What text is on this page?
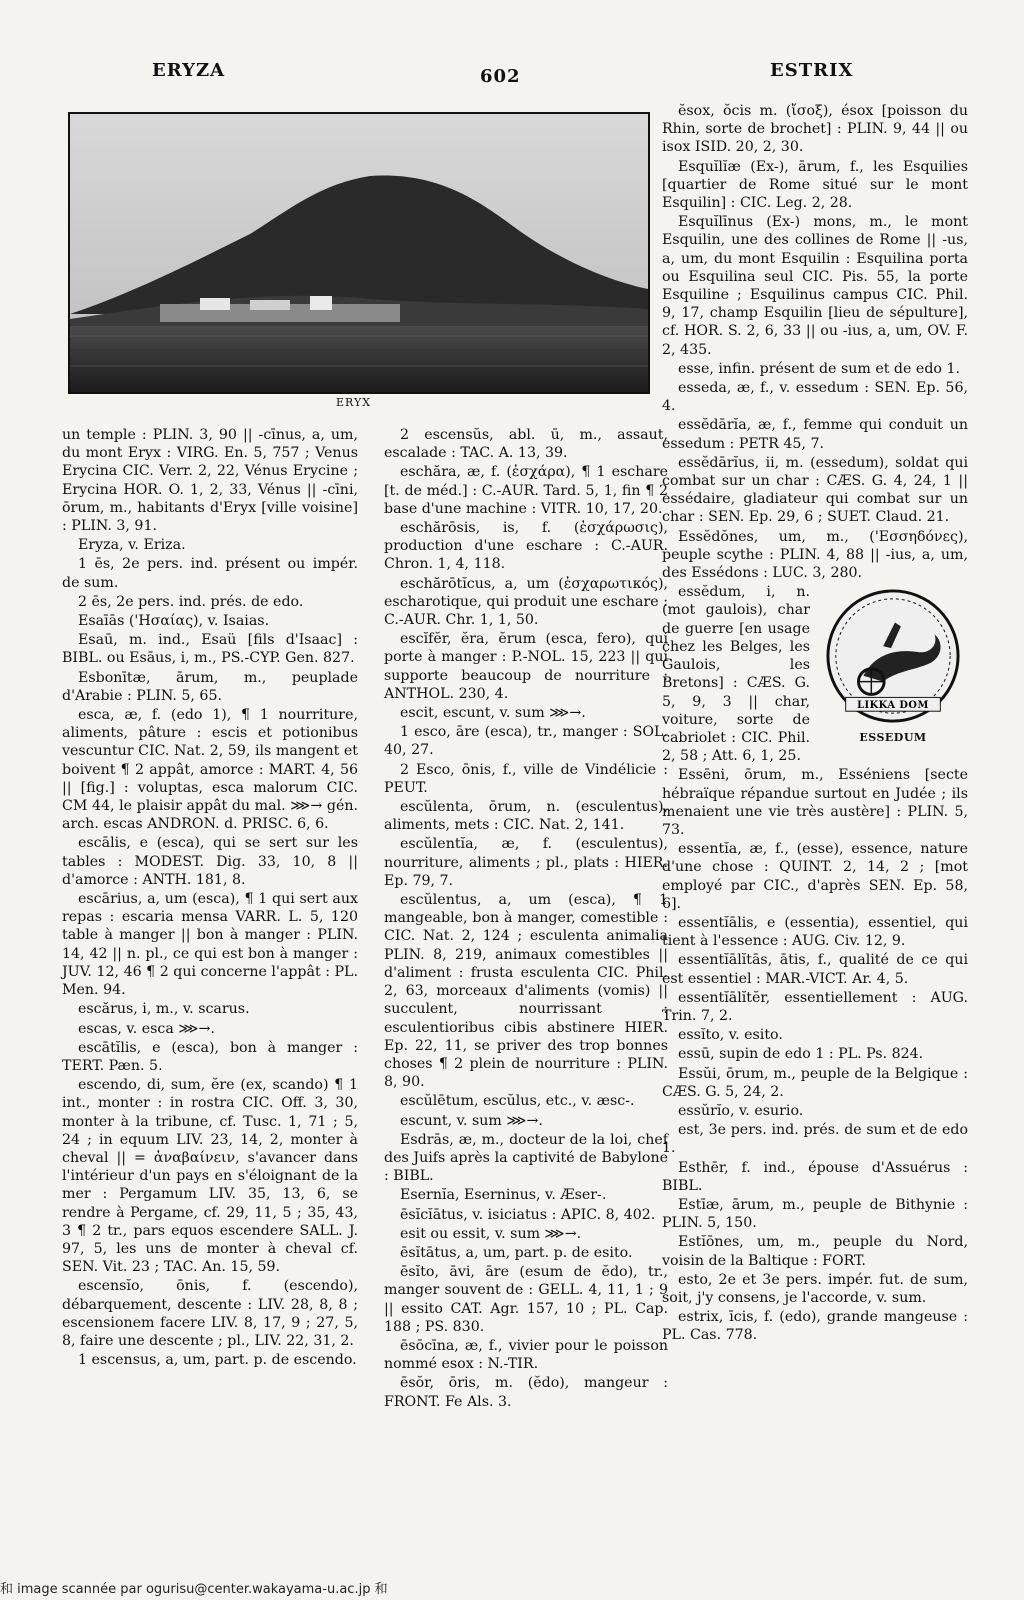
ERYZA	602	ESTRIX
ERYX

un temple : PLIN. 3, 90 || -cīnus, a, um, du mont Eryx : VIRG. En. 5, 757 ; Venus Erycina CIC. Verr. 2, 22, Vénus Erycine ; Erycina HOR. O. 1, 2, 33, Vénus || -cīni, ōrum, m., habitants d'Eryx [ville voisine] : PLIN. 3, 91.

Eryza, v. Eriza.

1 ēs, 2e pers. ind. présent ou impér. de sum.

2 ēs, 2e pers. ind. prés. de edo.

Esaīās ('Ησαίας), v. Isaias.

Esaū, m. ind., Esaü [fils d'Isaac] : BIBL. ou Esāus, i, m., PS.-CYP. Gen. 827.

Esbonītæ, ārum, m., peuplade d'Arabie : PLIN. 5, 65.

esca, æ, f. (edo 1), ¶ 1 nourriture, aliments, pâture : escis et potionibus vescuntur CIC. Nat. 2, 59, ils mangent et boivent ¶ 2 appât, amorce : MART. 4, 56 || [fig.] : voluptas, esca malorum CIC. CM 44, le plaisir appât du mal. ⋙→ gén. arch. escas ANDRON. d. PRISC. 6, 6.

escālis, e (esca), qui se sert sur les tables : MODEST. Dig. 33, 10, 8 || d'amorce : ANTH. 181, 8.

escārius, a, um (esca), ¶ 1 qui sert aux repas : escaria mensa VARR. L. 5, 120 table à manger || bon à manger : PLIN. 14, 42 || n. pl., ce qui est bon à manger : JUV. 12, 46 ¶ 2 qui concerne l'appât : PL. Men. 94.

escărus, i, m., v. scarus.

escas, v. esca ⋙→.

escātĭlis, e (esca), bon à manger : TERT. Pæn. 5.

escendo, di, sum, ĕre (ex, scando) ¶ 1 int., monter : in rostra CIC. Off. 3, 30, monter à la tribune, cf. Tusc. 1, 71 ; 5, 24 ; in equum LIV. 23, 14, 2, monter à cheval || = ἀναβαίνειν, s'avancer dans l'intérieur d'un pays en s'éloignant de la mer : Pergamum LIV. 35, 13, 6, se rendre à Pergame, cf. 29, 11, 5 ; 35, 43, 3 ¶ 2 tr., pars equos escendere SALL. J. 97, 5, les uns de monter à cheval cf. SEN. Vit. 23 ; TAC. An. 15, 59.

escensĭo, ōnis, f. (escendo), débarquement, descente : LIV. 28, 8, 8 ; escensionem facere LIV. 8, 17, 9 ; 27, 5, 8, faire une descente ; pl., LIV. 22, 31, 2.

1 escensus, a, um, part. p. de escendo.

2 escensŭs, abl. ū, m., assaut, escalade : TAC. A. 13, 39.

eschăra, æ, f. (ἐσχάρα), ¶ 1 eschare [t. de méd.] : C.-AUR. Tard. 5, 1, fin ¶ 2 base d'une machine : VITR. 10, 17, 20.

eschărōsis, is, f. (ἐσχάρωσις), production d'une eschare : C.-AUR. Chron. 1, 4, 118.

eschărōtĭcus, a, um (ἐσχαρωτικός), escharotique, qui produit une eschare : C.-AUR. Chr. 1, 1, 50.

escĭfĕr, ĕra, ĕrum (esca, fero), qui porte à manger : P.-NOL. 15, 223 || qui supporte beaucoup de nourriture : ANTHOL. 230, 4.

escit, escunt, v. sum ⋙→.

1 esco, āre (esca), tr., manger : SOL. 40, 27.

2 Esco, ōnis, f., ville de Vindélicie : PEUT.

escŭlenta, ōrum, n. (esculentus), aliments, mets : CIC. Nat. 2, 141.

escŭlentĭa, æ, f. (esculentus), nourriture, aliments ; pl., plats : HIER. Ep. 79, 7.

escŭlentus, a, um (esca), ¶ 1 mangeable, bon à manger, comestible : CIC. Nat. 2, 124 ; esculenta animalia PLIN. 8, 219, animaux comestibles || d'aliment : frusta esculenta CIC. Phil. 2, 63, morceaux d'aliments (vomis) || succulent, nourrissant : esculentioribus cibis abstinere HIER. Ep. 22, 11, se priver des trop bonnes choses ¶ 2 plein de nourriture : PLIN. 8, 90.

escŭlētum, escŭlus, etc., v. æsc-.

escunt, v. sum ⋙→.

Esdrās, æ, m., docteur de la loi, chef des Juifs après la captivité de Babylone : BIBL.

Esernĭa, Eserninus, v. Æser-.

ēsĭcĭātus, v. isiciatus : APIC. 8, 402.

esit ou essit, v. sum ⋙→.

ēsĭtātus, a, um, part. p. de esito.

ēsĭto, āvi, āre (esum de ĕdo), tr., manger souvent de : GELL. 4, 11, 1 ; 9 || essito CAT. Agr. 157, 10 ; PL. Cap. 188 ; PS. 830.

ēsōcīna, æ, f., vivier pour le poisson nommé esox : N.-TIR.

ēsŏr, ōris, m. (ĕdo), mangeur : FRONT. Fe Als. 3.

ĕsox, ŏcis m. (ἴσοξ), ésox [poisson du Rhin, sorte de brochet] : PLIN. 9, 44 || ou isox ISID. 20, 2, 30.

Esquĭlĭæ (Ex-), ārum, f., les Esquilies [quartier de Rome situé sur le mont Esquilin] : CIC. Leg. 2, 28.

Esquĭlīnus (Ex-) mons, m., le mont Esquilin, une des collines de Rome || -us, a, um, du mont Esquilin : Esquilina porta ou Esquilina seul CIC. Pis. 55, la porte Esquiline ; Esquilinus campus CIC. Phil. 9, 17, champ Esquilin [lieu de sépulture], cf. HOR. S. 2, 6, 33 || ou -ius, a, um, OV. F. 2, 435.

esse, infin. présent de sum et de edo 1.

esseda, æ, f., v. essedum : SEN. Ep. 56, 4.

essĕdārĭa, æ, f., femme qui conduit un essedum : PETR 45, 7.

essĕdārĭus, ii, m. (essedum), soldat qui combat sur un char : CÆS. G. 4, 24, 1 || essédaire, gladiateur qui combat sur un char : SEN. Ep. 29, 6 ; SUET. Claud. 21.

Essĕdŏnes, um, m., ('Εσσηδόνες), peuple scythe : PLIN. 4, 88 || -ius, a, um, des Essédons : LUC. 3, 280.

LIKKA DOM
ESSEDUM

essĕdum, i, n. (mot gaulois), char de guerre [en usage chez les Belges, les Gaulois, les Bretons] : CÆS. G. 5, 9, 3 || char, voiture, sorte de cabriolet : CIC. Phil. 2, 58 ; Att. 6, 1, 25.

Essēni, ōrum, m., Esséniens [secte hébraïque répandue surtout en Judée ; ils menaient une vie très austère] : PLIN. 5, 73.

essentĭa, æ, f., (esse), essence, nature d'une chose : QUINT. 2, 14, 2 ; [mot employé par CIC., d'après SEN. Ep. 58, 6].

essentĭālis, e (essentia), essentiel, qui tient à l'essence : AUG. Civ. 12, 9.

essentĭālĭtās, ātis, f., qualité de ce qui est essentiel : MAR.-VICT. Ar. 4, 5.

essentĭālĭtĕr, essentiellement : AUG. Trin. 7, 2.

essĭto, v. esito.

essū, supin de edo 1 : PL. Ps. 824.

Essŭi, ōrum, m., peuple de la Belgique : CÆS. G. 5, 24, 2.

essŭrĭo, v. esurio.

est, 3e pers. ind. prés. de sum et de edo 1.

Esthēr, f. ind., épouse d'Assuérus : BIBL.

Estīæ, ārum, m., peuple de Bithynie : PLIN. 5, 150.

Estĭōnes, um, m., peuple du Nord, voisin de la Baltique : FORT.

esto, 2e et 3e pers. impér. fut. de sum, soit, j'y consens, je l'accorde, v. sum.

estrix, īcis, f. (edo), grande mangeuse : PL. Cas. 778.

和 image scannée par ogurisu@center.wakayama-u.ac.jp 和
